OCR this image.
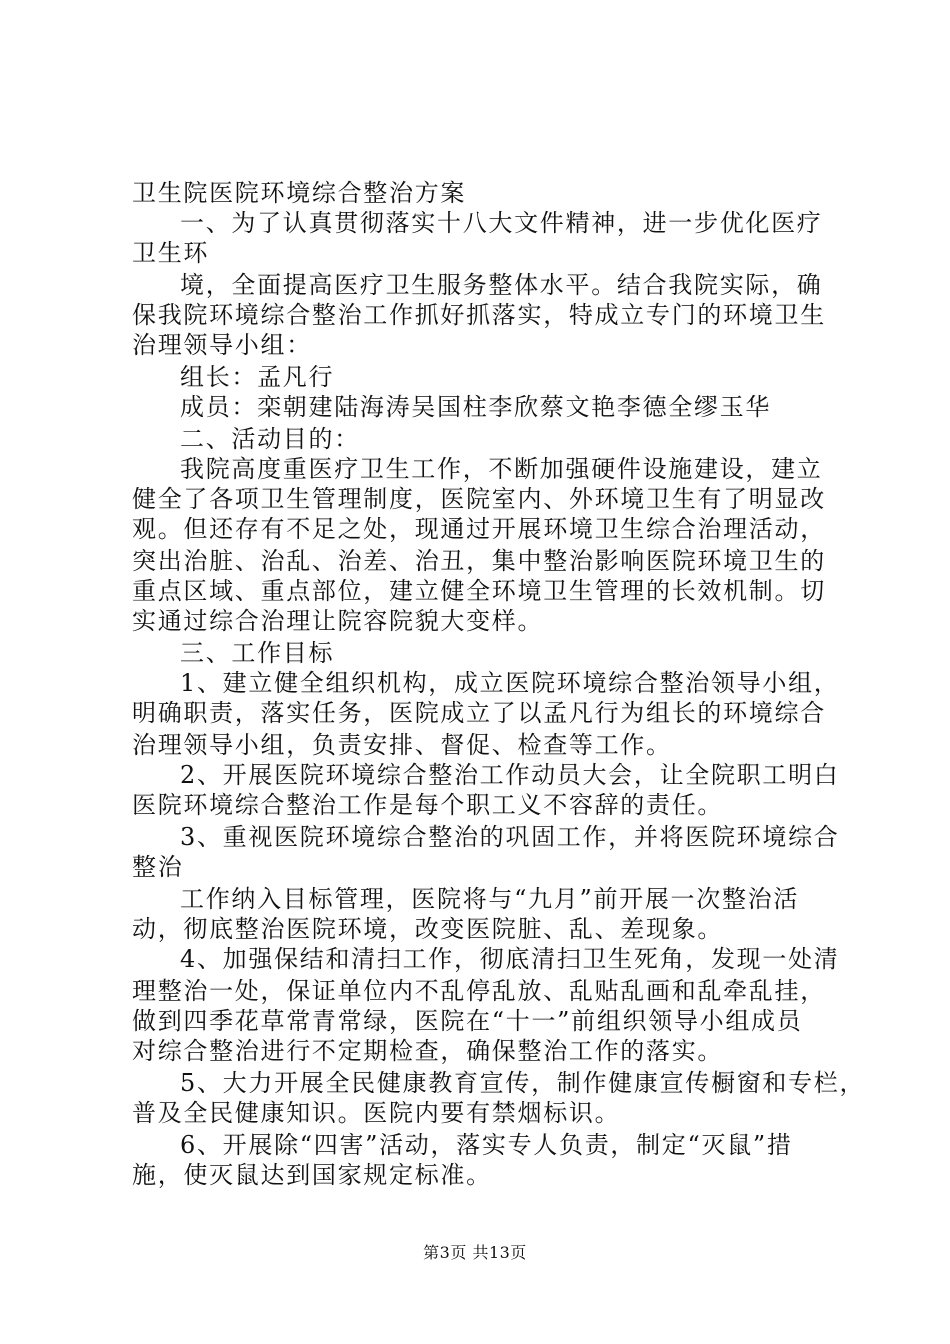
卫生院医院环境综合整治方案
一、为了认真贯彻落实十八大文件精神，进一步优化医疗
卫生环
境，全面提高医疗卫生服务整体水平。结合我院实际，确
保我院环境综合整治工作抓好抓落实，特成立专门的环境卫生
治理领导小组：
组长：孟凡行
成员：栾朝建陆海涛吴国柱李欣蔡文艳李德全缪玉华
二、活动目的：
我院高度重医疗卫生工作，不断加强硬件设施建设，建立
健全了各项卫生管理制度，医院室内、外环境卫生有了明显改
观。但还存有不足之处，现通过开展环境卫生综合治理活动，
突出治脏、治乱、治差、治丑，集中整治影响医院环境卫生的
重点区域、重点部位，建立健全环境卫生管理的长效机制。切
实通过综合治理让院容院貌大变样。
三、工作目标
1、建立健全组织机构，成立医院环境综合整治领导小组，
明确职责，落实任务，医院成立了以孟凡行为组长的环境综合
治理领导小组，负责安排、督促、检查等工作。
2、开展医院环境综合整治工作动员大会，让全院职工明白
医院环境综合整治工作是每个职工义不容辞的责任。
3、重视医院环境综合整治的巩固工作，并将医院环境综合
整治
工作纳入目标管理，医院将与“九月”前开展一次整治活
动，彻底整治医院环境，改变医院脏、乱、差现象。
4、加强保结和清扫工作，彻底清扫卫生死角，发现一处清
理整治一处，保证单位内不乱停乱放、乱贴乱画和乱牵乱挂，
做到四季花草常青常绿，医院在“十一”前组织领导小组成员
对综合整治进行不定期检查，确保整治工作的落实。
5、大力开展全民健康教育宣传，制作健康宣传橱窗和专栏，
普及全民健康知识。医院内要有禁烟标识。
6、开展除“四害”活动，落实专人负责，制定“灭鼠”措
施，使灭鼠达到国家规定标准。
第3页 共13页
